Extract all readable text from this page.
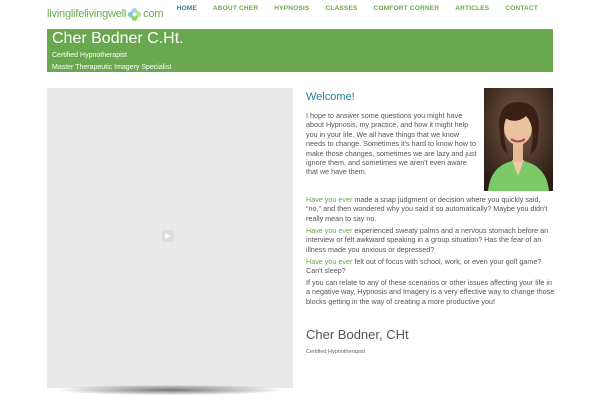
livinglifelivingwell com	HOME	ABOUT CHER	HYPNOSIS	CLASSES	COMFORT CORNER	ARTICLES	CONTACT
Cher Bodner C.Ht.
Certified Hypnotherapist
Master Therapeutic Imagery Specialist
▶
Welcome!
I hope to answer some questions you might have about Hypnosis, my practice, and how it might help you in your life. We all have things that we know needs to change. Sometimes it's hard to know how to make those changes, sometimes we are lazy and just ignore them, and sometimes we aren't even aware that we have them.
Have you ever made a snap judgment or decision where you quickly said, "no," and then wondered why you said it so automatically? Maybe you didn't really mean to say no.
Have you ever experienced sweaty palms and a nervous stomach before an interview or felt awkward speaking in a group situation? Has the fear of an illness made you anxious or depressed?
Have you ever felt out of focus with school, work, or even your golf game? Can't sleep?
If you can relate to any of these scenarios or other issues affecting your life in a negative way, Hypnosis and Imagery is a very effective way to change those blocks getting in the way of creating a more productive you!
Cher Bodner, CHt
Certified Hypnotherapist
